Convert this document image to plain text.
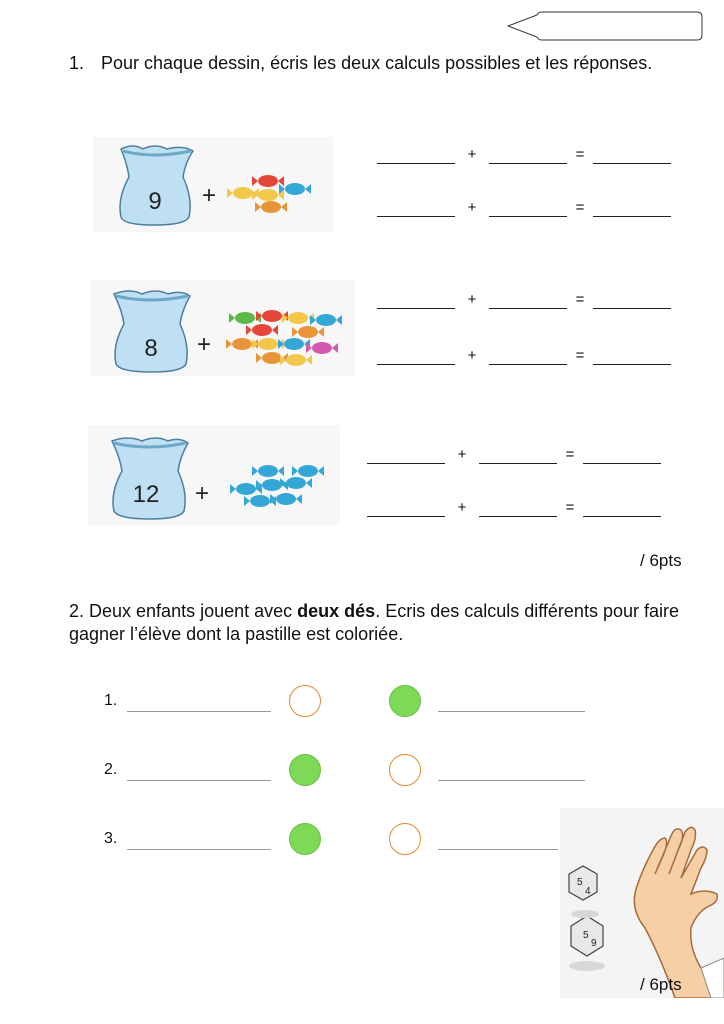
1. Pour chaque dessin, écris les deux calculs possibles et les réponses.
9 +
8 +
12 +
+	=
+	=
+	=
+	=
+	=
+	=
/ 6pts
2. Deux enfants jouent avec deux dés. Ecris des calculs différents pour faire gagner l’élève dont la pastille est coloriée.
1.
2.
3.
5
9
5
4
/ 6pts
